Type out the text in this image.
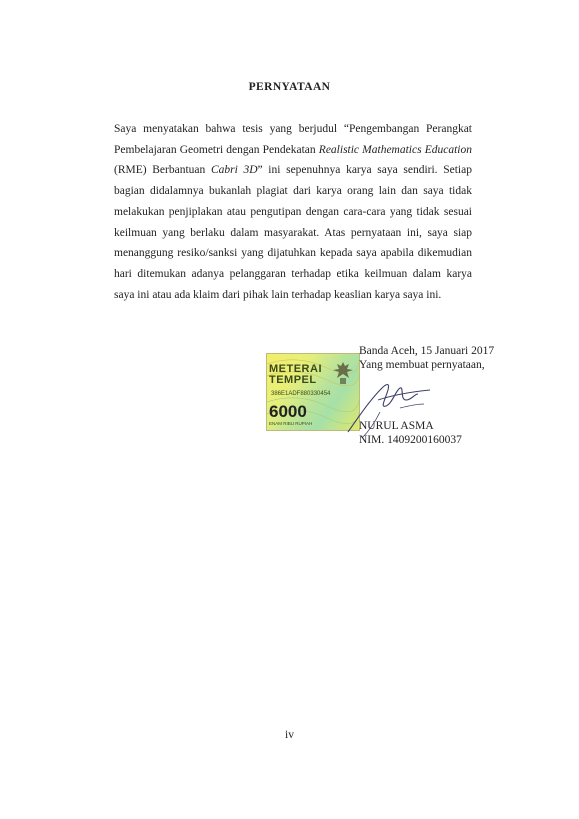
PERNYATAAN

Saya menyatakan bahwa tesis yang berjudul “Pengembangan Perangkat Pembelajaran Geometri dengan Pendekatan Realistic Mathematics Education (RME) Berbantuan Cabri 3D” ini sepenuhnya karya saya sendiri. Setiap bagian didalamnya bukanlah plagiat dari karya orang lain dan saya tidak melakukan penjiplakan atau pengutipan dengan cara-cara yang tidak sesuai keilmuan yang berlaku dalam masyarakat. Atas pernyataan ini, saya siap menanggung resiko/sanksi yang dijatuhkan kepada saya apabila dikemudian hari ditemukan adanya pelanggaran terhadap etika keilmuan dalam karya saya ini atau ada klaim dari pihak lain terhadap keaslian karya saya ini.

METERAI
TEMPEL
386E1ADF880330454
6000
ENAM RIBU RUPIAH
Banda Aceh, 15 Januari 2017
Yang membuat pernyataan,
NURUL ASMA
NIM. 1409200160037
iv
